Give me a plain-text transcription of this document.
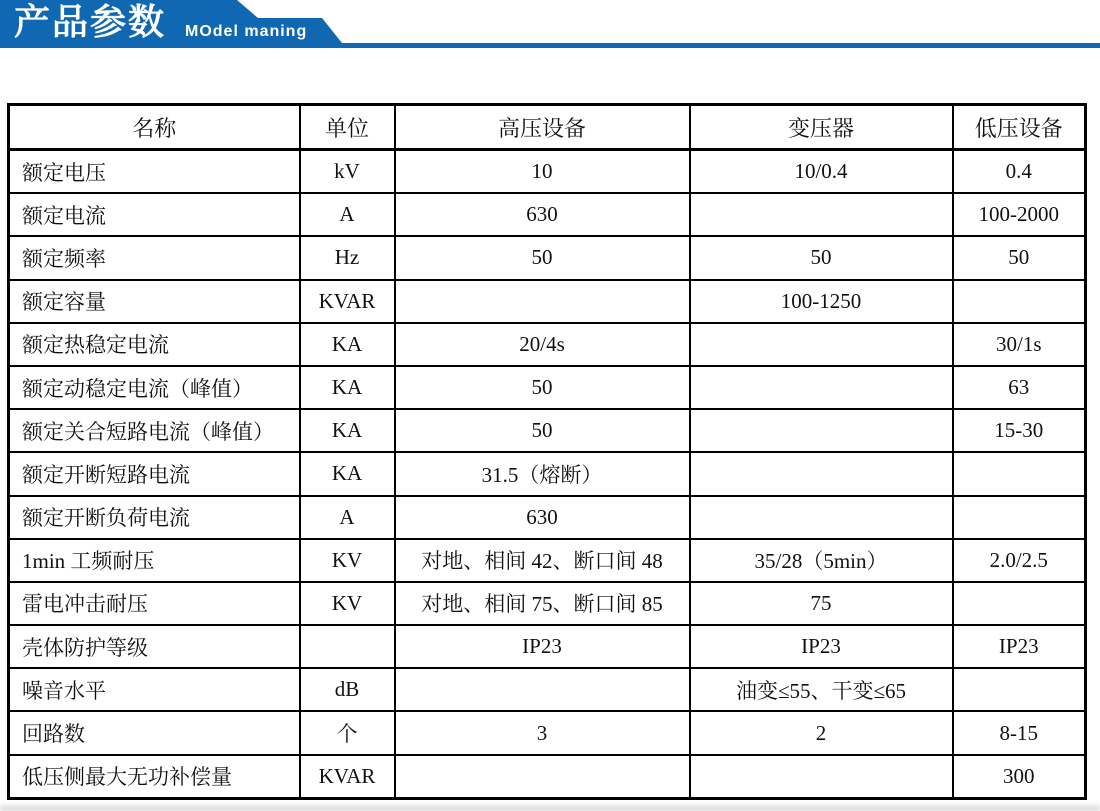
产品参数 MOdel maning
名称	单位	高压设备	变压器	低压设备
额定电压	kV	10	10/0.4	0.4
额定电流	A	630		100-2000
额定频率	Hz	50	50	50
额定容量	KVAR		100-1250	
额定热稳定电流	KA	20/4s		30/1s
额定动稳定电流（峰值）	KA	50		63
额定关合短路电流（峰值）	KA	50		15-30
额定开断短路电流	KA	31.5（熔断）		
额定开断负荷电流	A	630		
1min 工频耐压	KV	对地、相间 42、断口间 48	35/28（5min）	2.0/2.5
雷电冲击耐压	KV	对地、相间 75、断口间 85	75	
壳体防护等级		IP23	IP23	IP23
噪音水平	dB		油变≤55、干变≤65	
回路数	个	3	2	8-15
低压侧最大无功补偿量	KVAR			300
